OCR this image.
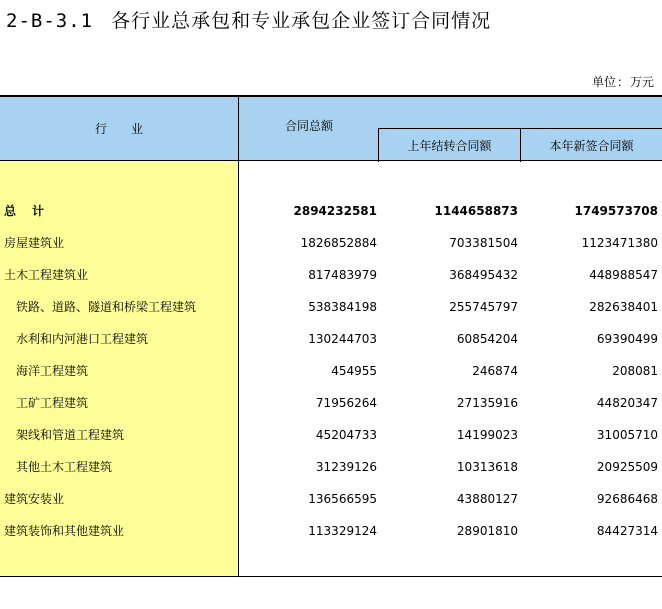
2-B-3.1 各行业总承包和专业承包企业签订合同情况
单位：万元
行业	合同总额
上年结转合同额	本年新签合同额
总计	2894232581	1144658873	1749573708
房屋建筑业	1826852884	703381504	1123471380
土木工程建筑业	817483979	368495432	448988547
铁路、道路、隧道和桥梁工程建筑	538384198	255745797	282638401
水利和内河港口工程建筑	130244703	60854204	69390499
海洋工程建筑	454955	246874	208081
工矿工程建筑	71956264	27135916	44820347
架线和管道工程建筑	45204733	14199023	31005710
其他土木工程建筑	31239126	10313618	20925509
建筑安装业	136566595	43880127	92686468
建筑装饰和其他建筑业	113329124	28901810	84427314
